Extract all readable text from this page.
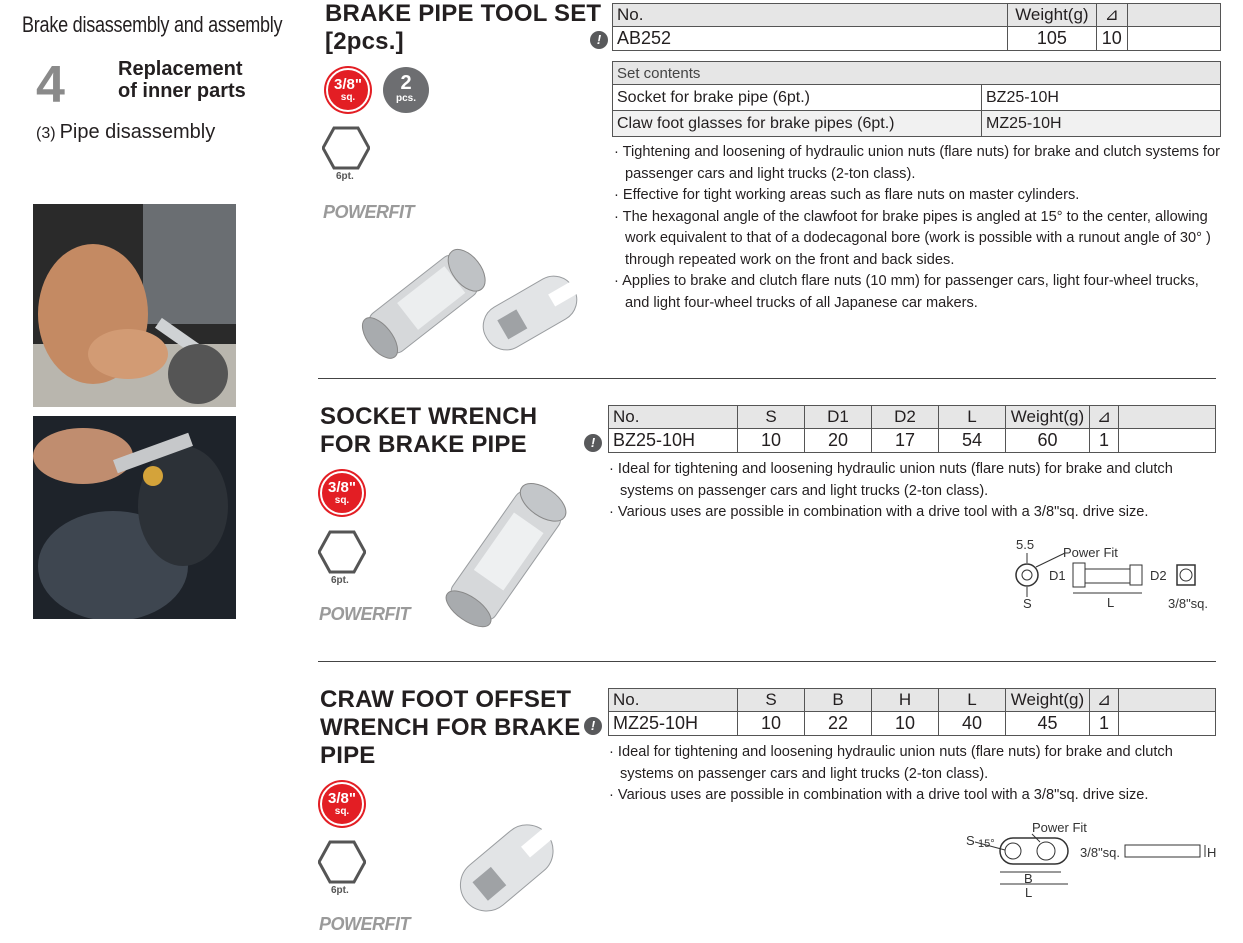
Brake disassembly and assembly
4	Replacement
of inner parts
(3) Pipe disassembly
BRAKE PIPE TOOL SET
[2pcs.]
3/8"
sq.
2
pcs.
6pt.
POWERFIT
!
No.	Weight(g)	⊿	
AB252	105	10	
Set contents	
Socket for brake pipe (6pt.)	BZ25-10H
Claw foot glasses for brake pipes (6pt.)	MZ25-10H
· Tightening and loosening of hydraulic union nuts (flare nuts) for brake and clutch systems for passenger cars and light trucks (2-ton class).
· Effective for tight working areas such as flare nuts on master cylinders.
· The hexagonal angle of the clawfoot for brake pipes is angled at 15° to the center, allowing work equivalent to that of a dodecagonal bore (work is possible with a runout angle of 30° ) through repeated work on the front and back sides.
· Applies to brake and clutch flare nuts (10 mm) for passenger cars, light four-wheel trucks, and light four-wheel trucks of all Japanese car makers.
SOCKET WRENCH
FOR BRAKE PIPE
3/8"
sq.
6pt.
POWERFIT
!
No.	S	D1	D2	L	Weight(g)	⊿	
BZ25-10H	10	20	17	54	60	1	
· Ideal for tightening and loosening hydraulic union nuts (flare nuts) for brake and clutch systems on passenger cars and light trucks (2-ton class).
· Various uses are possible in combination with a drive tool with a 3/8"sq. drive size.
5.5
Power Fit
D1	D2
S	L	3/8"sq.
CRAW FOOT OFFSET
WRENCH FOR BRAKE
PIPE
3/8"
sq.
6pt.
POWERFIT
!
No.	S	B	H	L	Weight(g)	⊿	
MZ25-10H	10	22	10	40	45	1	
· Ideal for tightening and loosening hydraulic union nuts (flare nuts) for brake and clutch systems on passenger cars and light trucks (2-ton class).
· Various uses are possible in combination with a drive tool with a 3/8"sq. drive size.
S 15°
Power Fit
3/8"sq.
B
L
H
